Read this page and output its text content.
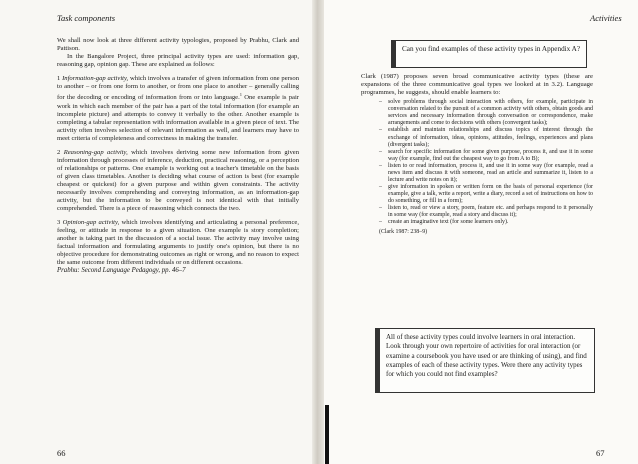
Task components

We shall now look at three different activity typologies, proposed by Prabhu, Clark and Pattison.

In the Bangalore Project, three principal activity types are used: information gap, reasoning gap, opinion gap. These are explained as follows:

1 Information-gap activity, which involves a transfer of given information from one person to another – or from one form to another, or from one place to another – generally calling for the decoding or encoding of information from or into language.$^1$ One example is pair work in which each member of the pair has a part of the total information (for example an incomplete picture) and attempts to convey it verbally to the other. Another example is completing a tabular representation with information available in a given piece of text. The activity often involves selection of relevant information as well, and learners may have to meet criteria of completeness and correctness in making the transfer.

2 Reasoning-gap activity, which involves deriving some new information from given information through processes of inference, deduction, practical reasoning, or a perception of relationships or patterns. One example is working out a teacher's timetable on the basis of given class timetables. Another is deciding what course of action is best (for example cheapest or quickest) for a given purpose and within given constraints. The activity necessarily involves comprehending and conveying information, as an information-gap activity, but the information to be conveyed is not identical with that initially comprehended. There is a piece of reasoning which connects the two.

3 Opinion-gap activity, which involves identifying and articulating a personal preference, feeling, or attitude in response to a given situation. One example is story completion; another is taking part in the discussion of a social issue. The activity may involve using factual information and formulating arguments to justify one's opinion, but there is no objective procedure for demonstrating outcomes as right or wrong, and no reason to expect the same outcome from different individuals or on different occasions.

Prabhu: Second Language Pedagogy, pp. 46–7

66
Activities
Can you find examples of these activity types in Appendix A?

Clark (1987) proposes seven broad communicative activity types (these are expansions of the three communicative goal types we looked at in 3.2). Language programmes, he suggests, should enable learners to:

– solve problems through social interaction with others, for example, participate in conversation related to the pursuit of a common activity with others, obtain goods and services and necessary information through conversation or correspondence, make arrangements and come to decisions with others (convergent tasks);
– establish and maintain relationships and discuss topics of interest through the exchange of information, ideas, opinions, attitudes, feelings, experiences and plans (divergent tasks);
– search for specific information for some given purpose, process it, and use it in some way (for example, find out the cheapest way to go from A to B);
– listen to or read information, process it, and use it in some way (for example, read a news item and discuss it with someone, read an article and summarize it, listen to a lecture and write notes on it);
– give information in spoken or written form on the basis of personal experience (for example, give a talk, write a report, write a diary, record a set of instructions on how to do something, or fill in a form);
– listen to, read or view a story, poem, feature etc. and perhaps respond to it personally in some way (for example, read a story and discuss it);
– create an imaginative text (for some learners only).
(Clark 1987: 238–9)
All of these activity types could involve learners in oral interaction. Look through your own repertoire of activities for oral interaction (or examine a coursebook you have used or are thinking of using), and find examples of each of these activity types. Were there any activity types for which you could not find examples?
67
